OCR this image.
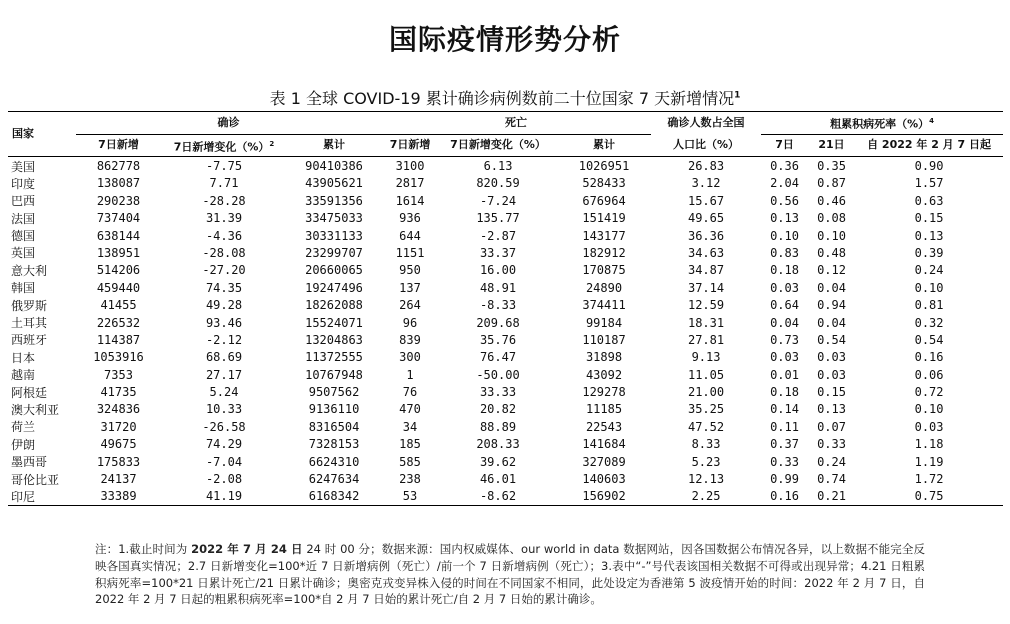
国际疫情形势分析
表 1 全球 COVID-19 累计确诊病例数前二十位国家 7 天新增情况$^1$
国家	确诊			死亡			确诊人数占全国	粗累积病死率（%）$^4$
	7日新增	7日新增变化（%）$^2$	累计	7日新增	7日新增变化（%）	累计	人口比（%）	7日	21日	自 2022 年 2 月 7 日起
美国	862778	-7.75	90410386	3100	6.13	1026951	26.83	0.36	0.35	0.90
印度	138087	7.71	43905621	2817	820.59	528433	3.12	2.04	0.87	1.57
巴西	290238	-28.28	33591356	1614	-7.24	676964	15.67	0.56	0.46	0.63
法国	737404	31.39	33475033	936	135.77	151419	49.65	0.13	0.08	0.15
德国	638144	-4.36	30331133	644	-2.87	143177	36.36	0.10	0.10	0.13
英国	138951	-28.08	23299707	1151	33.37	182912	34.63	0.83	0.48	0.39
意大利	514206	-27.20	20660065	950	16.00	170875	34.87	0.18	0.12	0.24
韩国	459440	74.35	19247496	137	48.91	24890	37.14	0.03	0.04	0.10
俄罗斯	41455	49.28	18262088	264	-8.33	374411	12.59	0.64	0.94	0.81
土耳其	226532	93.46	15524071	96	209.68	99184	18.31	0.04	0.04	0.32
西班牙	114387	-2.12	13204863	839	35.76	110187	27.81	0.73	0.54	0.54
日本	1053916	68.69	11372555	300	76.47	31898	9.13	0.03	0.03	0.16
越南	7353	27.17	10767948	1	-50.00	43092	11.05	0.01	0.03	0.06
阿根廷	41735	5.24	9507562	76	33.33	129278	21.00	0.18	0.15	0.72
澳大利亚	324836	10.33	9136110	470	20.82	11185	35.25	0.14	0.13	0.10
荷兰	31720	-26.58	8316504	34	88.89	22543	47.52	0.11	0.07	0.03
伊朗	49675	74.29	7328153	185	208.33	141684	8.33	0.37	0.33	1.18
墨西哥	175833	-7.04	6624310	585	39.62	327089	5.23	0.33	0.24	1.19
哥伦比亚	24137	-2.08	6247634	238	46.01	140603	12.13	0.99	0.74	1.72
印尼	33389	41.19	6168342	53	-8.62	156902	2.25	0.16	0.21	0.75
注：1.截止时间为 2022 年 7 月 24 日 24 时 00 分；数据来源：国内权威媒体、our world in data 数据网站，因各国数据公布情况各异，以上数据不能完全反映各国真实情况；2.7 日新增变化=100*近 7 日新增病例（死亡）/前一个 7 日新增病例（死亡）；3.表中“-”号代表该国相关数据不可得或出现异常；4.21 日粗累积病死率=100*21 日累计死亡/21 日累计确诊；奥密克戎变异株入侵的时间在不同国家不相同，此处设定为香港第 5 波疫情开始的时间：2022 年 2 月 7 日，自 2022 年 2 月 7 日起的粗累积病死率=100*自 2 月 7 日始的累计死亡/自 2 月 7 日始的累计确诊。
